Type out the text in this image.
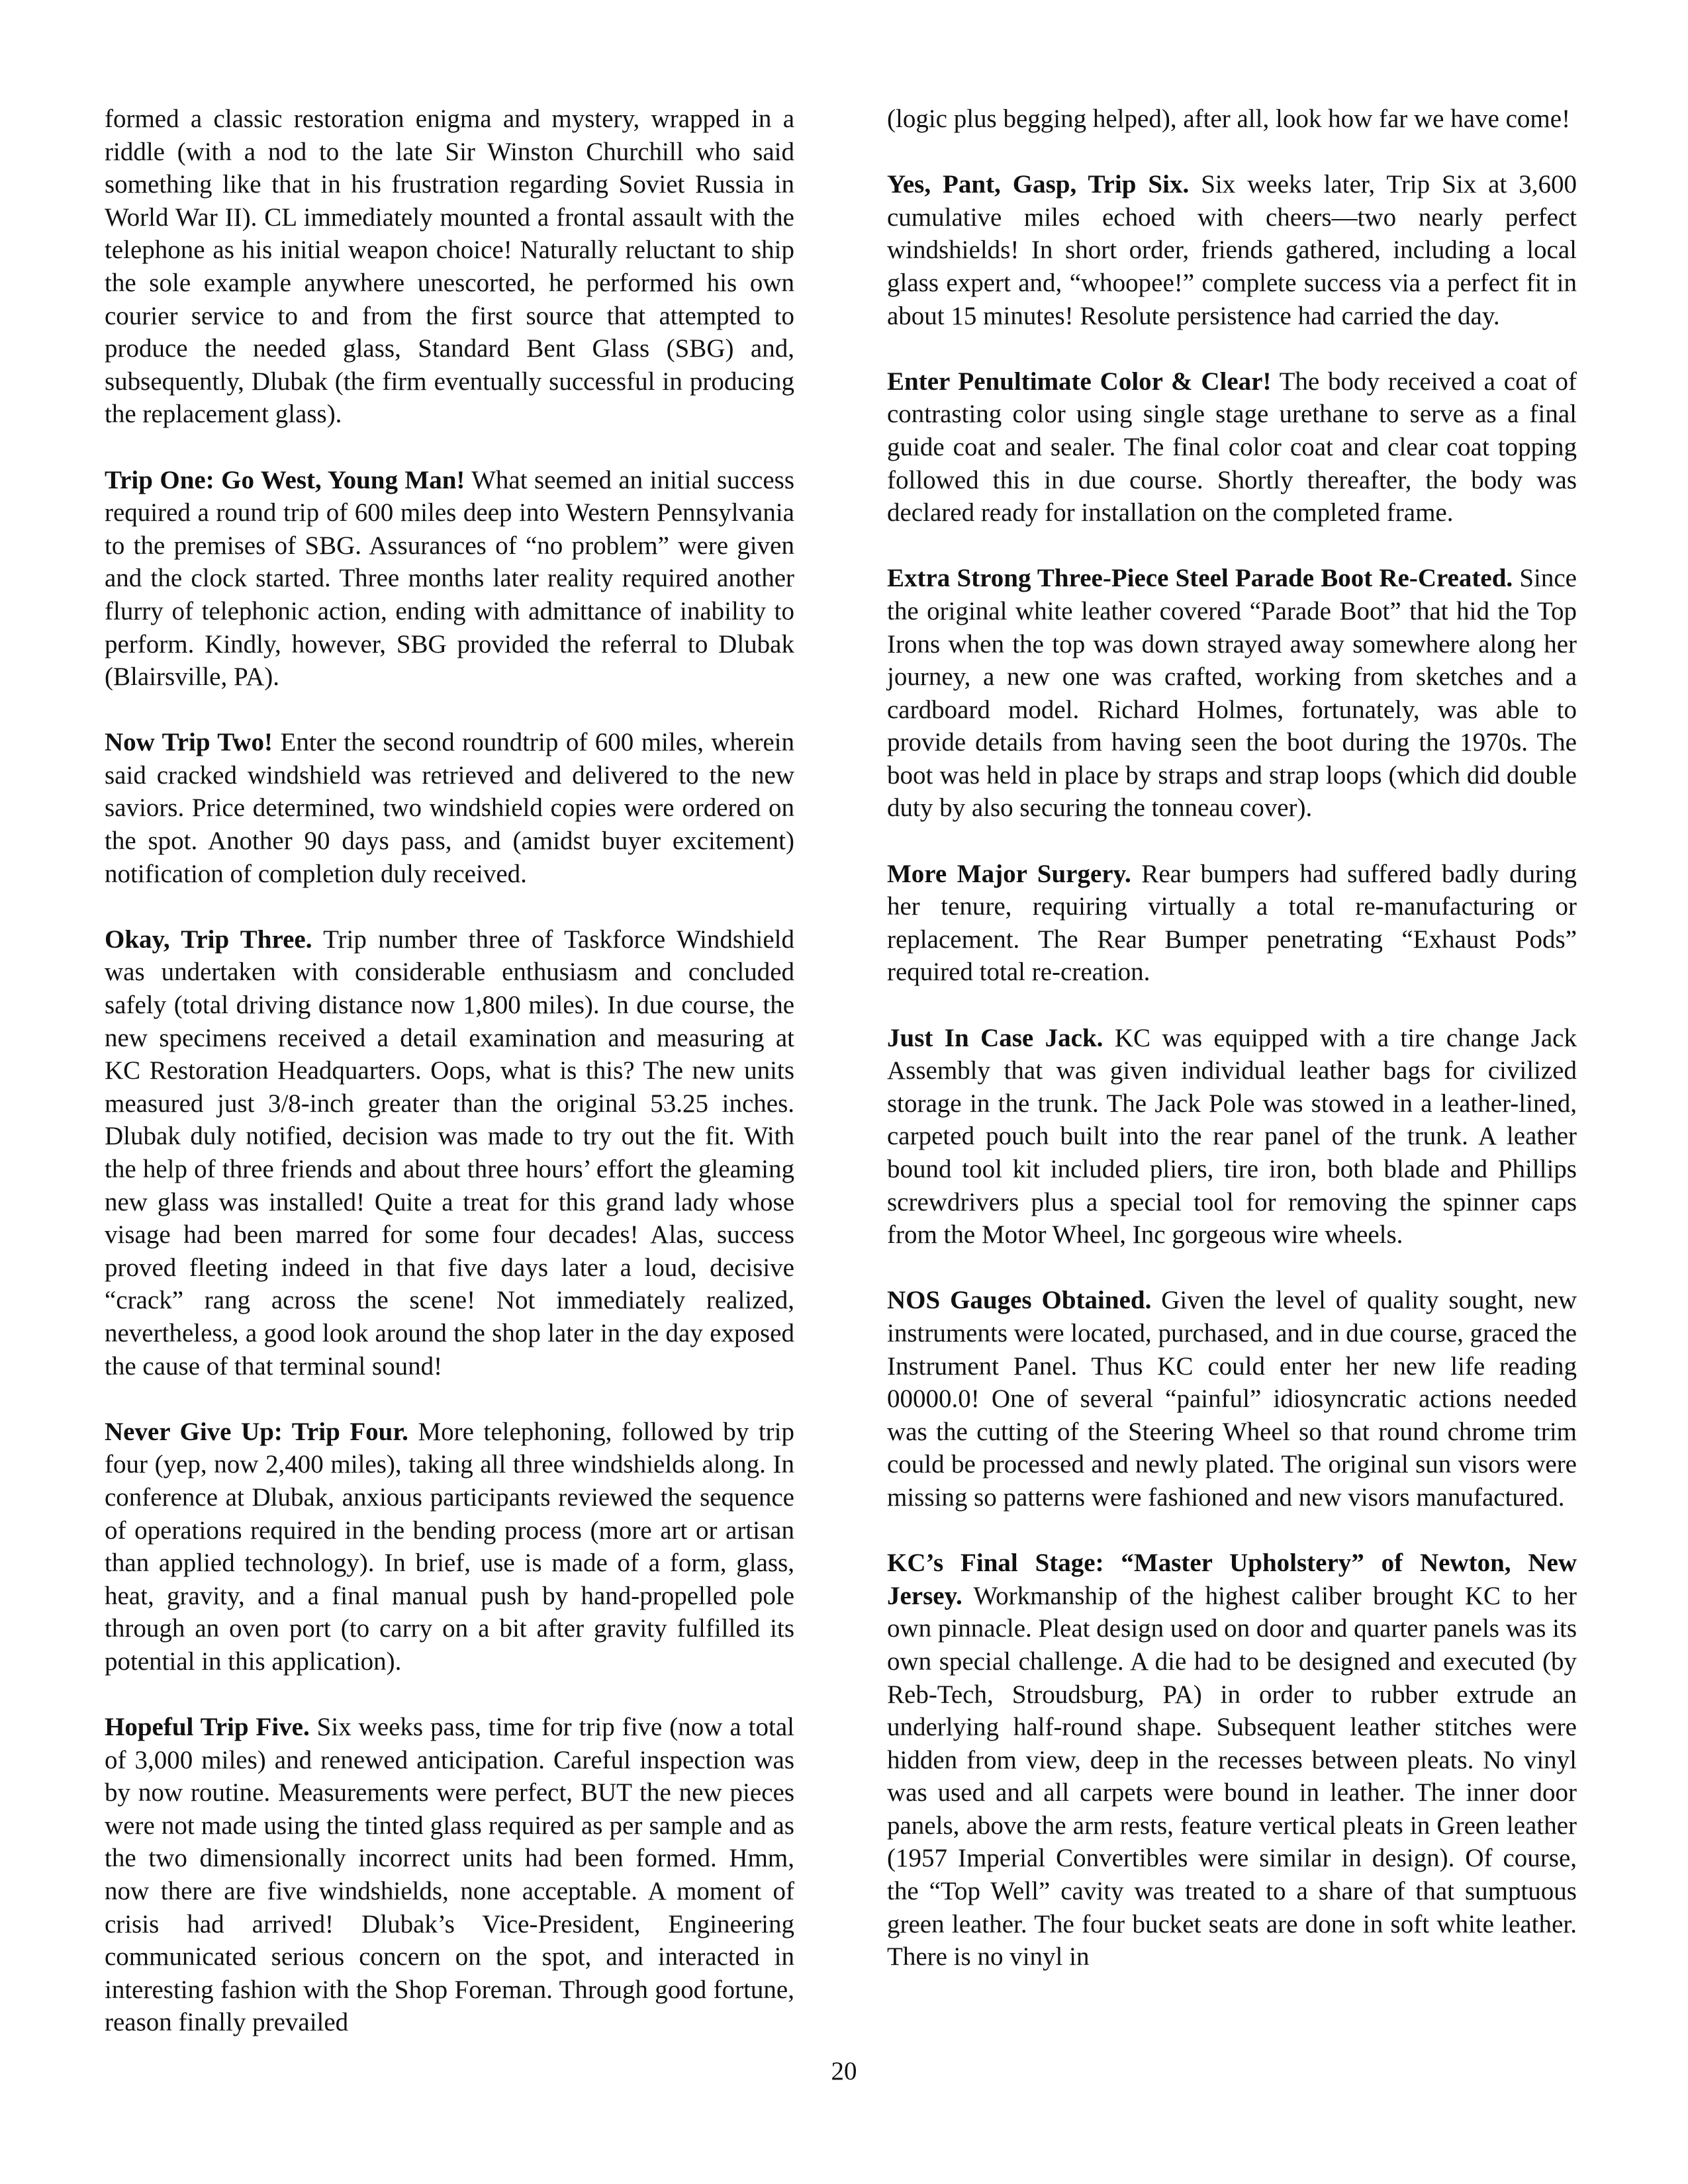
formed a classic restoration enigma and mystery, wrapped in a riddle (with a nod to the late Sir Winston Churchill who said something like that in his frustration regarding Soviet Russia in World War II). CL immediately mounted a frontal assault with the telephone as his initial weapon choice! Naturally reluctant to ship the sole example anywhere unescorted, he performed his own courier service to and from the first source that attempted to produce the needed glass, Standard Bent Glass (SBG) and, subsequently, Dlubak (the firm eventually successful in producing the replacement glass).

Trip One: Go West, Young Man! What seemed an initial success required a round trip of 600 miles deep into Western Pennsylvania to the premises of SBG. Assurances of “no problem” were given and the clock started. Three months later reality required another flurry of telephonic action, ending with admittance of inability to perform. Kindly, however, SBG provided the referral to Dlubak (Blairsville, PA).

Now Trip Two! Enter the second roundtrip of 600 miles, wherein said cracked windshield was retrieved and delivered to the new saviors. Price determined, two windshield copies were ordered on the spot. Another 90 days pass, and (amidst buyer excitement) notification of completion duly received.

Okay, Trip Three. Trip number three of Taskforce Windshield was undertaken with considerable enthusiasm and concluded safely (total driving distance now 1,800 miles). In due course, the new specimens received a detail examination and measuring at KC Restoration Headquarters. Oops, what is this? The new units measured just 3/8-inch greater than the original 53.25 inches. Dlubak duly notified, decision was made to try out the fit. With the help of three friends and about three hours’ effort the gleaming new glass was installed! Quite a treat for this grand lady whose visage had been marred for some four decades! Alas, success proved fleeting indeed in that five days later a loud, decisive “crack” rang across the scene! Not immediately realized, nevertheless, a good look around the shop later in the day exposed the cause of that terminal sound!

Never Give Up: Trip Four. More telephoning, followed by trip four (yep, now 2,400 miles), taking all three windshields along. In conference at Dlubak, anxious participants reviewed the sequence of operations required in the bending process (more art or artisan than applied technology). In brief, use is made of a form, glass, heat, gravity, and a final manual push by hand-propelled pole through an oven port (to carry on a bit after gravity fulfilled its potential in this application).

Hopeful Trip Five. Six weeks pass, time for trip five (now a total of 3,000 miles) and renewed anticipation. Careful inspection was by now routine. Measurements were perfect, BUT the new pieces were not made using the tinted glass required as per sample and as the two dimensionally incorrect units had been formed. Hmm, now there are five windshields, none acceptable. A moment of crisis had arrived! Dlubak’s Vice-President, Engineering communicated serious concern on the spot, and interacted in interesting fashion with the Shop Foreman. Through good fortune, reason finally prevailed

(logic plus begging helped), after all, look how far we have come!

Yes, Pant, Gasp, Trip Six. Six weeks later, Trip Six at 3,600 cumulative miles echoed with cheers—two nearly perfect windshields! In short order, friends gathered, including a local glass expert and, “whoopee!” complete success via a perfect fit in about 15 minutes! Resolute persistence had carried the day.

Enter Penultimate Color & Clear! The body received a coat of contrasting color using single stage urethane to serve as a final guide coat and sealer. The final color coat and clear coat topping followed this in due course. Shortly thereafter, the body was declared ready for installation on the completed frame.

Extra Strong Three-Piece Steel Parade Boot Re-Created. Since the original white leather covered “Parade Boot” that hid the Top Irons when the top was down strayed away somewhere along her journey, a new one was crafted, working from sketches and a cardboard model. Richard Holmes, fortunately, was able to provide details from having seen the boot during the 1970s. The boot was held in place by straps and strap loops (which did double duty by also securing the tonneau cover).

More Major Surgery. Rear bumpers had suffered badly during her tenure, requiring virtually a total re-manufacturing or replacement. The Rear Bumper penetrating “Exhaust Pods” required total re-creation.

Just In Case Jack. KC was equipped with a tire change Jack Assembly that was given individual leather bags for civilized storage in the trunk. The Jack Pole was stowed in a leather-lined, carpeted pouch built into the rear panel of the trunk. A leather bound tool kit included pliers, tire iron, both blade and Phillips screwdrivers plus a special tool for removing the spinner caps from the Motor Wheel, Inc gorgeous wire wheels.

NOS Gauges Obtained. Given the level of quality sought, new instruments were located, purchased, and in due course, graced the Instrument Panel. Thus KC could enter her new life reading 00000.0! One of several “painful” idiosyncratic actions needed was the cutting of the Steering Wheel so that round chrome trim could be processed and newly plated. The original sun visors were missing so patterns were fashioned and new visors manufactured.

KC’s Final Stage: “Master Upholstery” of Newton, New Jersey. Workmanship of the highest caliber brought KC to her own pinnacle. Pleat design used on door and quarter panels was its own special challenge. A die had to be designed and executed (by Reb-Tech, Stroudsburg, PA) in order to rubber extrude an underlying half-round shape. Subsequent leather stitches were hidden from view, deep in the recesses between pleats. No vinyl was used and all carpets were bound in leather. The inner door panels, above the arm rests, feature vertical pleats in Green leather (1957 Imperial Convertibles were similar in design). Of course, the “Top Well” cavity was treated to a share of that sumptuous green leather. The four bucket seats are done in soft white leather. There is no vinyl in

20
